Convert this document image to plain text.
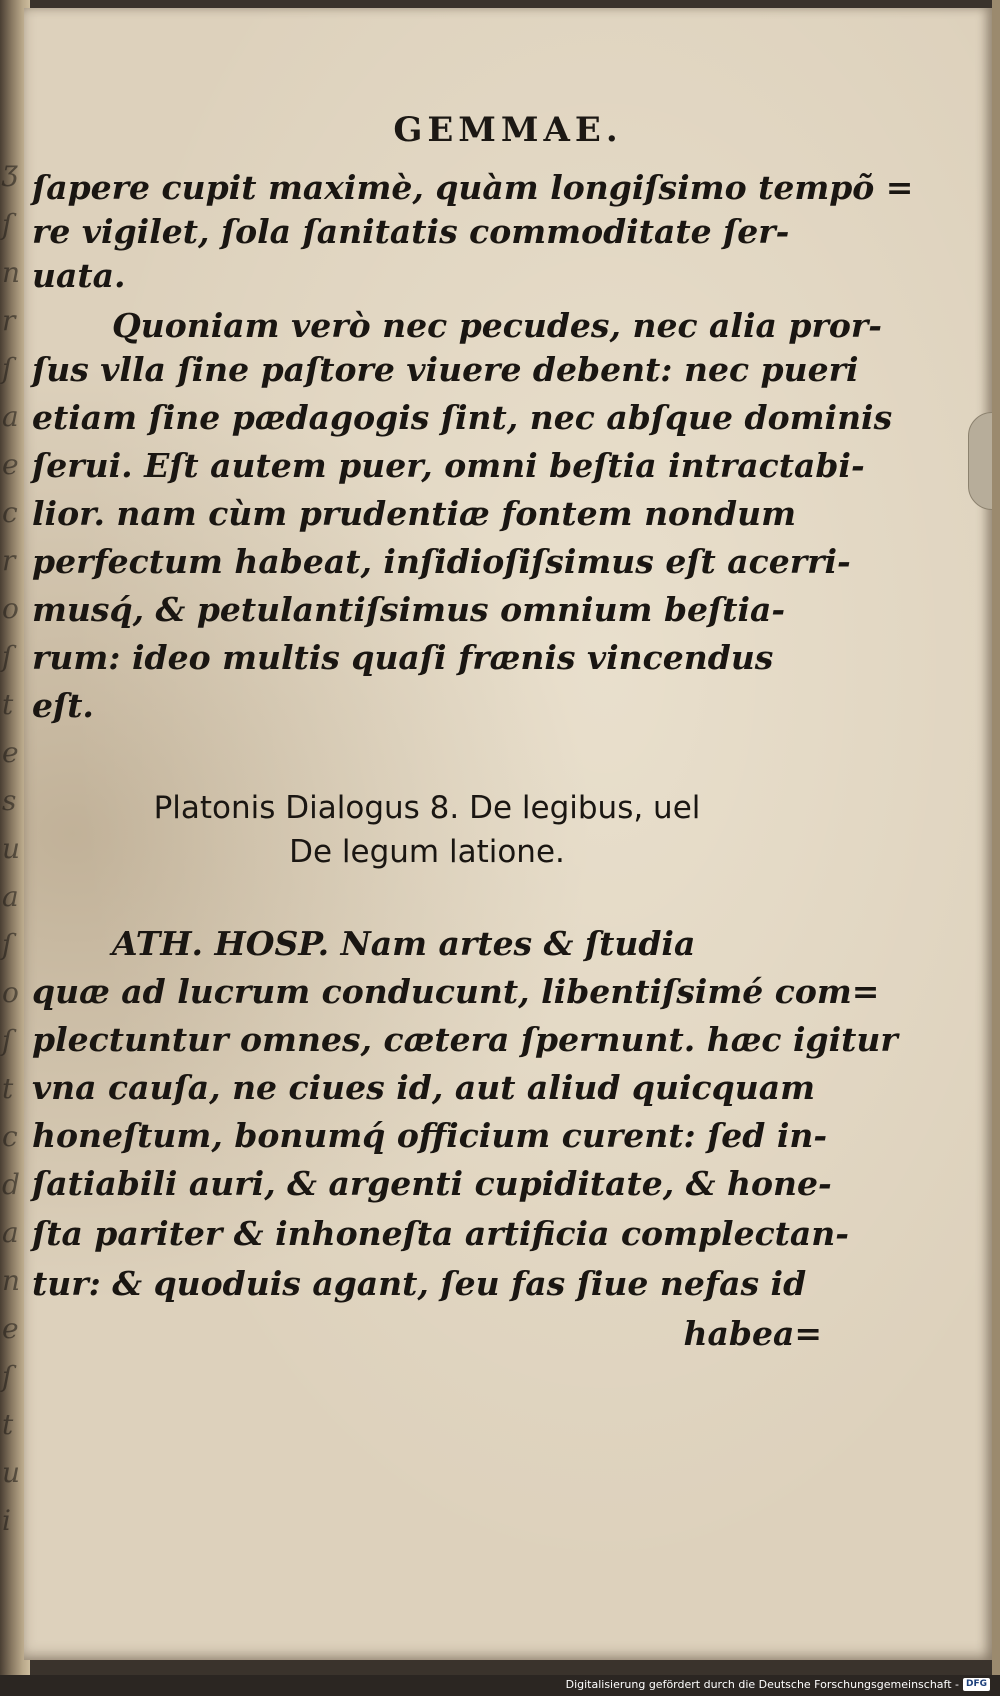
Ʒ
ſ
n
r
ſ
a
e
c
r
o
ſ
t
e
s
u
a
ſ
o
ſ
t
c
d
a
n
e
ſ
t
u
i
GEMMAE.
ſapere cupit maximè, quàm longiſsimo tempõ =
re vigilet, ſola ſanitatis commoditate ſer-
uata.
Quoniam verò nec pecudes, nec alia pror-
ſus vlla ſine paſtore viuere debent: nec pueri
etiam ſine pædagogis ſint, nec abſque dominis
ſerui. Eſt autem puer, omni beſtia intractabi-
lior. nam cùm prudentiæ fontem nondum
perfectum habeat, inſidioſiſsimus eſt acerri-
musq́, & petulantiſsimus omnium beſtia-
rum: ideo multis quaſi frænis vincendus
eſt.
Platonis Dialogus 8. De legibus, uel
De legum latione.
ATH. HOSP. Nam artes & ſtudia
quæ ad lucrum conducunt, libentiſsimé com=
plectuntur omnes, cætera ſpernunt. hæc igitur
vna cauſa, ne ciues id, aut aliud quicquam
honeſtum, bonumq́ officium curent: ſed in-
ſatiabili auri, & argenti cupiditate, & hone-
ſta pariter & inhoneſta artificia complectan-
tur: & quoduis agant, ſeu fas ſiue nefas id
habea=
Digitalisierung gefördert durch die Deutsche Forschungsgemeinschaft - DFG
